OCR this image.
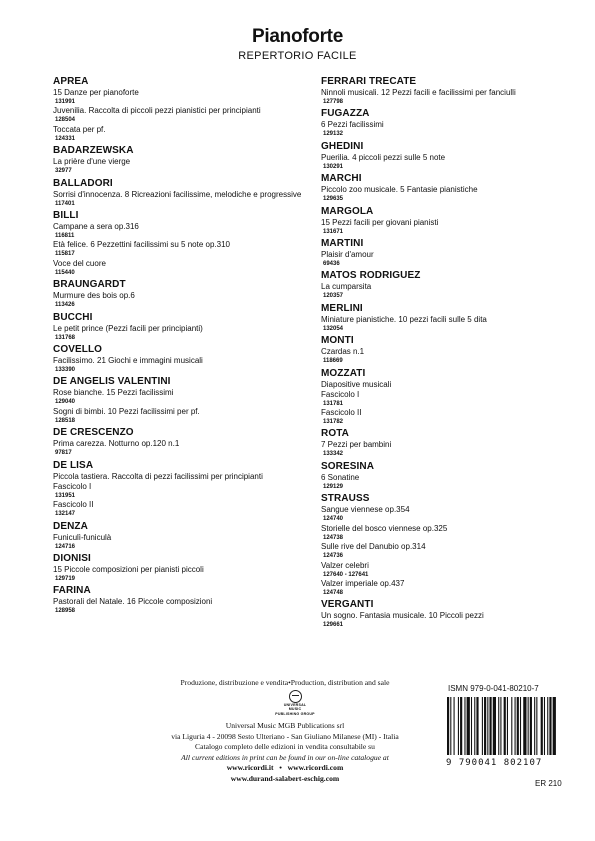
Pianoforte
REPERTORIO FACILE
APREA
15 Danze per pianoforte
131991
Juvenilia. Raccolta di piccoli pezzi pianistici per principianti
128504
Toccata per pf.
124331
BADARZEWSKA
La prière d'une vierge
32977
BALLADORI
Sorrisi d'innocenza. 8 Ricreazioni facilissime, melodiche e progressive
117401
BILLI
Campane a sera op.316
116811
Età felice. 6 Pezzettini facilissimi su 5 note op.310
115817
Voce del cuore
115440
BRAUNGARDT
Murmure des bois op.6
113426
BUCCHI
Le petit prince (Pezzi facili per principianti)
131768
COVELLO
Facilissimo. 21 Giochi e immagini musicali
133390
DE ANGELIS VALENTINI
Rose bianche. 15 Pezzi facilissimi
129040
Sogni di bimbi. 10 Pezzi facilissimi per pf.
128518
DE CRESCENZO
Prima carezza. Notturno op.120 n.1
97817
DE LISA
Piccola tastiera. Raccolta di pezzi facilissimi per principianti
Fascicolo I
131951
Fascicolo II
132147
DENZA
Funiculì-funiculà
124716
DIONISI
15 Piccole composizioni per pianisti piccoli
129719
FARINA
Pastorali del Natale. 16 Piccole composizioni
128958
FERRARI TRECATE
Ninnoli musicali. 12 Pezzi facili e facilissimi per fanciulli
127798
FUGAZZA
6 Pezzi facilissimi
129132
GHEDINI
Puerilia. 4 piccoli pezzi sulle 5 note
130291
MARCHI
Piccolo zoo musicale. 5 Fantasie pianistiche
129635
MARGOLA
15 Pezzi facili per giovani pianisti
131671
MARTINI
Plaisir d'amour
69436
MATOS RODRIGUEZ
La cumparsita
120357
MERLINI
Miniature pianistiche. 10 pezzi facili sulle 5 dita
132054
MONTI
Czardas n.1
118669
MOZZATI
Diapositive musicali
Fascicolo I
131781
Fascicolo II
131782
ROTA
7 Pezzi per bambini
133342
SORESINA
6 Sonatine
129129
STRAUSS
Sangue viennese op.354
124740
Storielle del bosco viennese op.325
124738
Sulle rive del Danubio op.314
124736
Valzer celebri
127640 - 127641
Valzer imperiale op.437
124748
VERGANTI
Un sogno. Fantasia musicale. 10 Piccoli pezzi
129661
Produzione, distribuzione e vendita•Production, distribution and sale
UNIVERSAL
MUSIC
PUBLISHING GROUP
Universal Music MGB Publications srl
via Liguria 4 - 20098 Sesto Ulteriano - San Giuliano Milanese (MI) - Italia
Catalogo completo delle edizioni in vendita consultabile su
All current editions in print can be found in our on-line catalogue at
www.ricordi.it   •   www.ricordi.com
www.durand-salabert-eschig.com
ISMN 979-0-041-80210-7
9 790041 802107
ER 210
